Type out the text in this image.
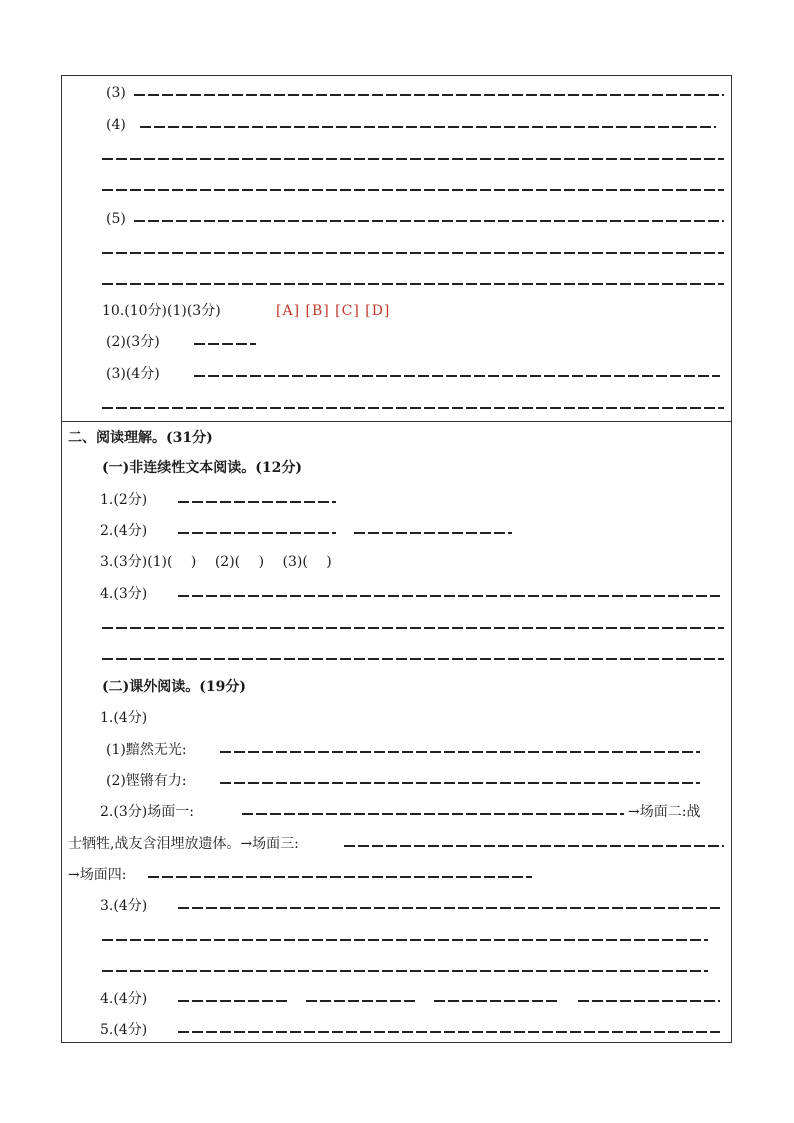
(3)
(4)
(5)
10.(10分)(1)(3分)	[A] [B] [C] [D]
(2)(3分)
(3)(4分)
二、阅读理解。(31分)
(一)非连续性文本阅读。(12分)
1.(2分)
2.(4分)
3.(3分)(1)(　 )　 (2)(　 )　 (3)(　 )
4.(3分)
(二)课外阅读。(19分)
1.(4分)
(1)黯然无光:
(2)铿锵有力:
2.(3分)场面一:	→场面二:战
士牺牲,战友含泪埋放遗体。→场面三:
→场面四:
3.(4分)
4.(4分)
5.(4分)
